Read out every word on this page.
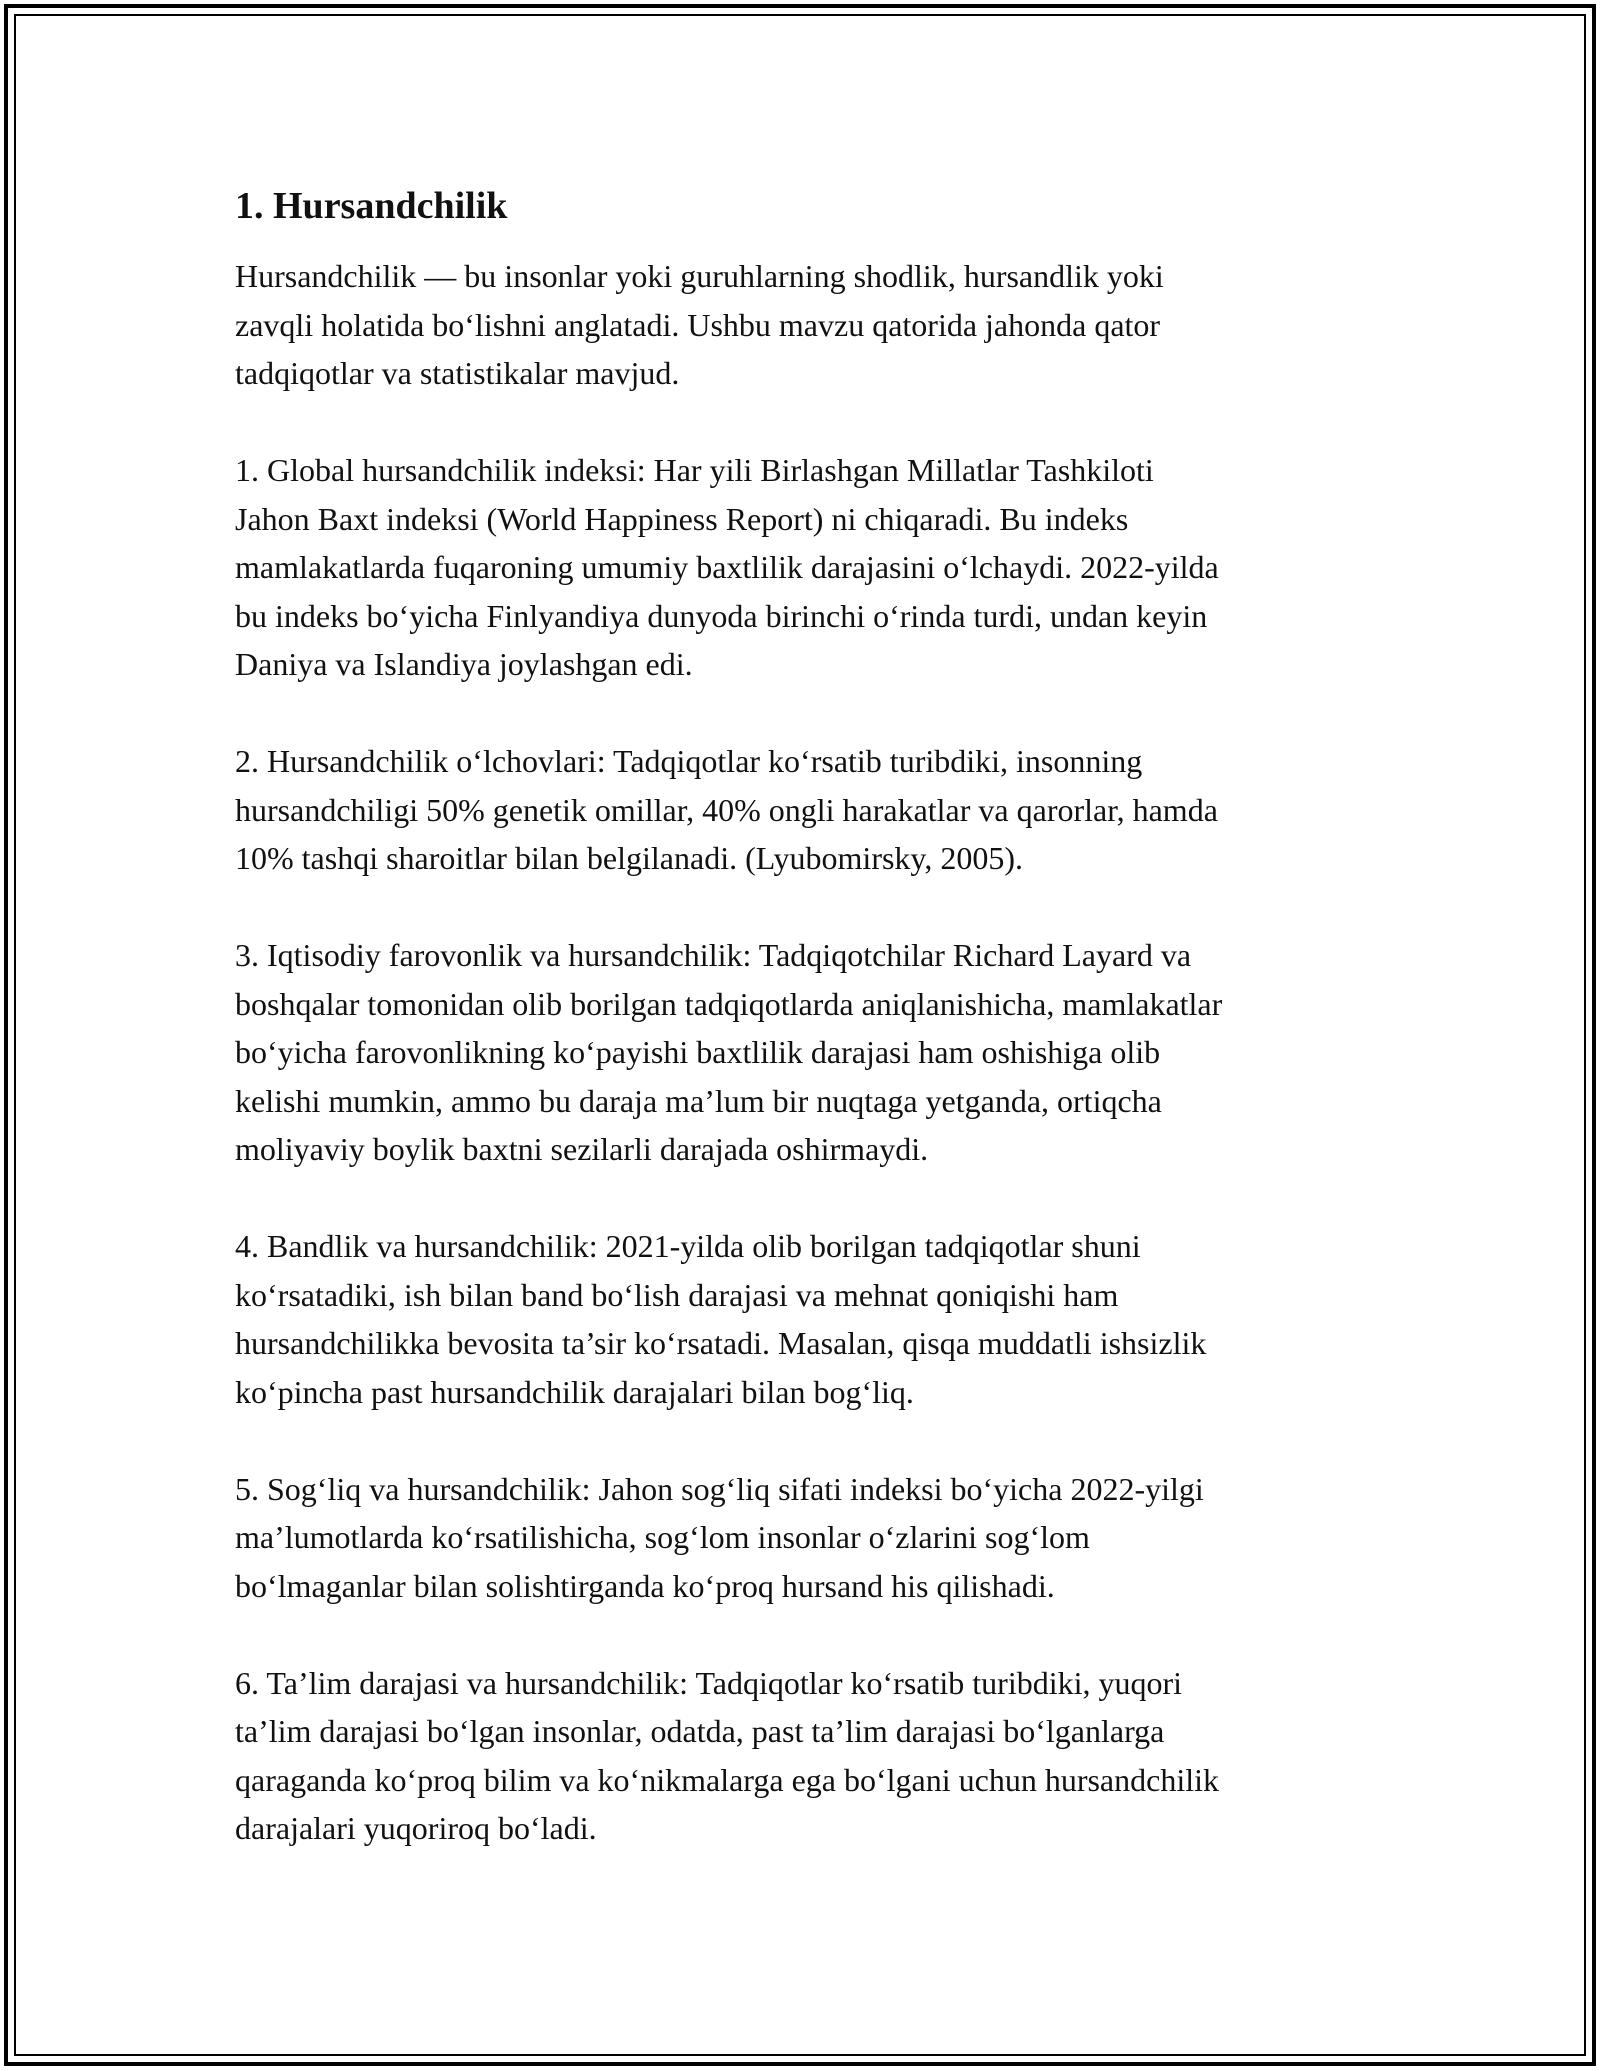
1. Hursandchilik

Hursandchilik — bu insonlar yoki guruhlarning shodlik, hursandlik yoki
zavqli holatida bo‘lishni anglatadi. Ushbu mavzu qatorida jahonda qator
tadqiqotlar va statistikalar mavjud.

1. Global hursandchilik indeksi: Har yili Birlashgan Millatlar Tashkiloti
Jahon Baxt indeksi (World Happiness Report) ni chiqaradi. Bu indeks
mamlakatlarda fuqaroning umumiy baxtlilik darajasini o‘lchaydi. 2022-yilda
bu indeks bo‘yicha Finlyandiya dunyoda birinchi o‘rinda turdi, undan keyin
Daniya va Islandiya joylashgan edi.

2. Hursandchilik o‘lchovlari: Tadqiqotlar ko‘rsatib turibdiki, insonning
hursandchiligi 50% genetik omillar, 40% ongli harakatlar va qarorlar, hamda
10% tashqi sharoitlar bilan belgilanadi. (Lyubomirsky, 2005).

3. Iqtisodiy farovonlik va hursandchilik: Tadqiqotchilar Richard Layard va
boshqalar tomonidan olib borilgan tadqiqotlarda aniqlanishicha, mamlakatlar
bo‘yicha farovonlikning ko‘payishi baxtlilik darajasi ham oshishiga olib
kelishi mumkin, ammo bu daraja ma’lum bir nuqtaga yetganda, ortiqcha
moliyaviy boylik baxtni sezilarli darajada oshirmaydi.

4. Bandlik va hursandchilik: 2021-yilda olib borilgan tadqiqotlar shuni
ko‘rsatadiki, ish bilan band bo‘lish darajasi va mehnat qoniqishi ham
hursandchilikka bevosita ta’sir ko‘rsatadi. Masalan, qisqa muddatli ishsizlik
ko‘pincha past hursandchilik darajalari bilan bog‘liq.

5. Sog‘liq va hursandchilik: Jahon sog‘liq sifati indeksi bo‘yicha 2022-yilgi
ma’lumotlarda ko‘rsatilishicha, sog‘lom insonlar o‘zlarini sog‘lom
bo‘lmaganlar bilan solishtirganda ko‘proq hursand his qilishadi.

6. Ta’lim darajasi va hursandchilik: Tadqiqotlar ko‘rsatib turibdiki, yuqori
ta’lim darajasi bo‘lgan insonlar, odatda, past ta’lim darajasi bo‘lganlarga
qaraganda ko‘proq bilim va ko‘nikmalarga ega bo‘lgani uchun hursandchilik
darajalari yuqoriroq bo‘ladi.
